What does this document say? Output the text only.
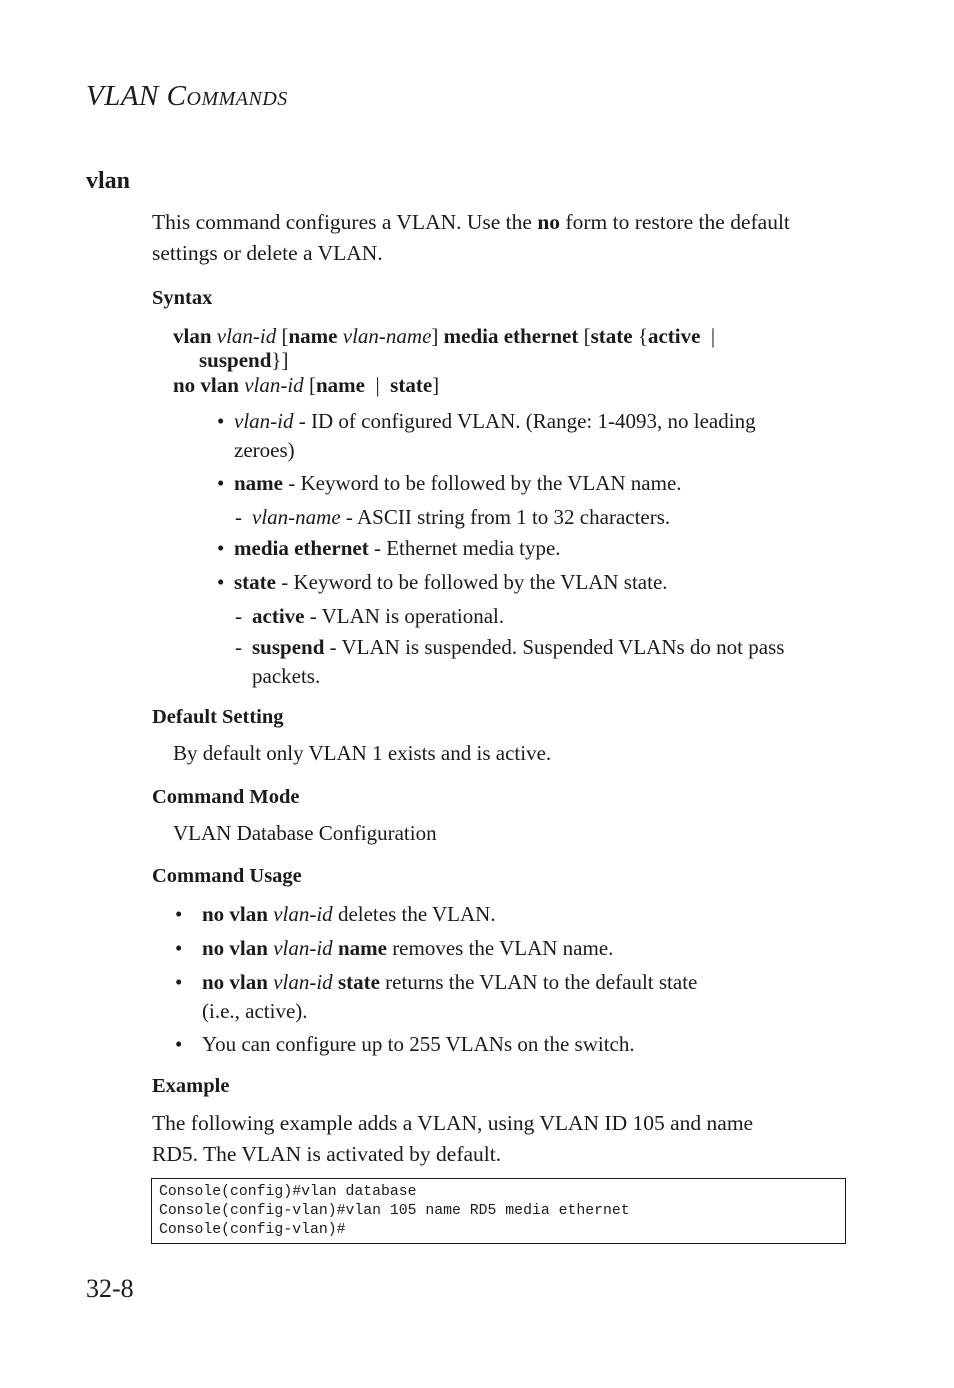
VLAN COMMANDS
vlan
This command configures a VLAN. Use the no form to restore the default
settings or delete a VLAN.
Syntax
vlan vlan-id [name vlan-name] media ethernet [state {active |
suspend}]
no vlan vlan-id [name | state]
• vlan-id - ID of configured VLAN. (Range: 1-4093, no leading
zeroes)
• name - Keyword to be followed by the VLAN name.
- vlan-name - ASCII string from 1 to 32 characters.
• media ethernet - Ethernet media type.
• state - Keyword to be followed by the VLAN state.
- active - VLAN is operational.
- suspend - VLAN is suspended. Suspended VLANs do not pass
packets.
Default Setting
By default only VLAN 1 exists and is active.
Command Mode
VLAN Database Configuration
Command Usage
• no vlan vlan-id deletes the VLAN.
• no vlan vlan-id name removes the VLAN name.
• no vlan vlan-id state returns the VLAN to the default state
(i.e., active).
• You can configure up to 255 VLANs on the switch.
Example
The following example adds a VLAN, using VLAN ID 105 and name
RD5. The VLAN is activated by default.
Console(config)#vlan database
Console(config-vlan)#vlan 105 name RD5 media ethernet
Console(config-vlan)#
32-8
